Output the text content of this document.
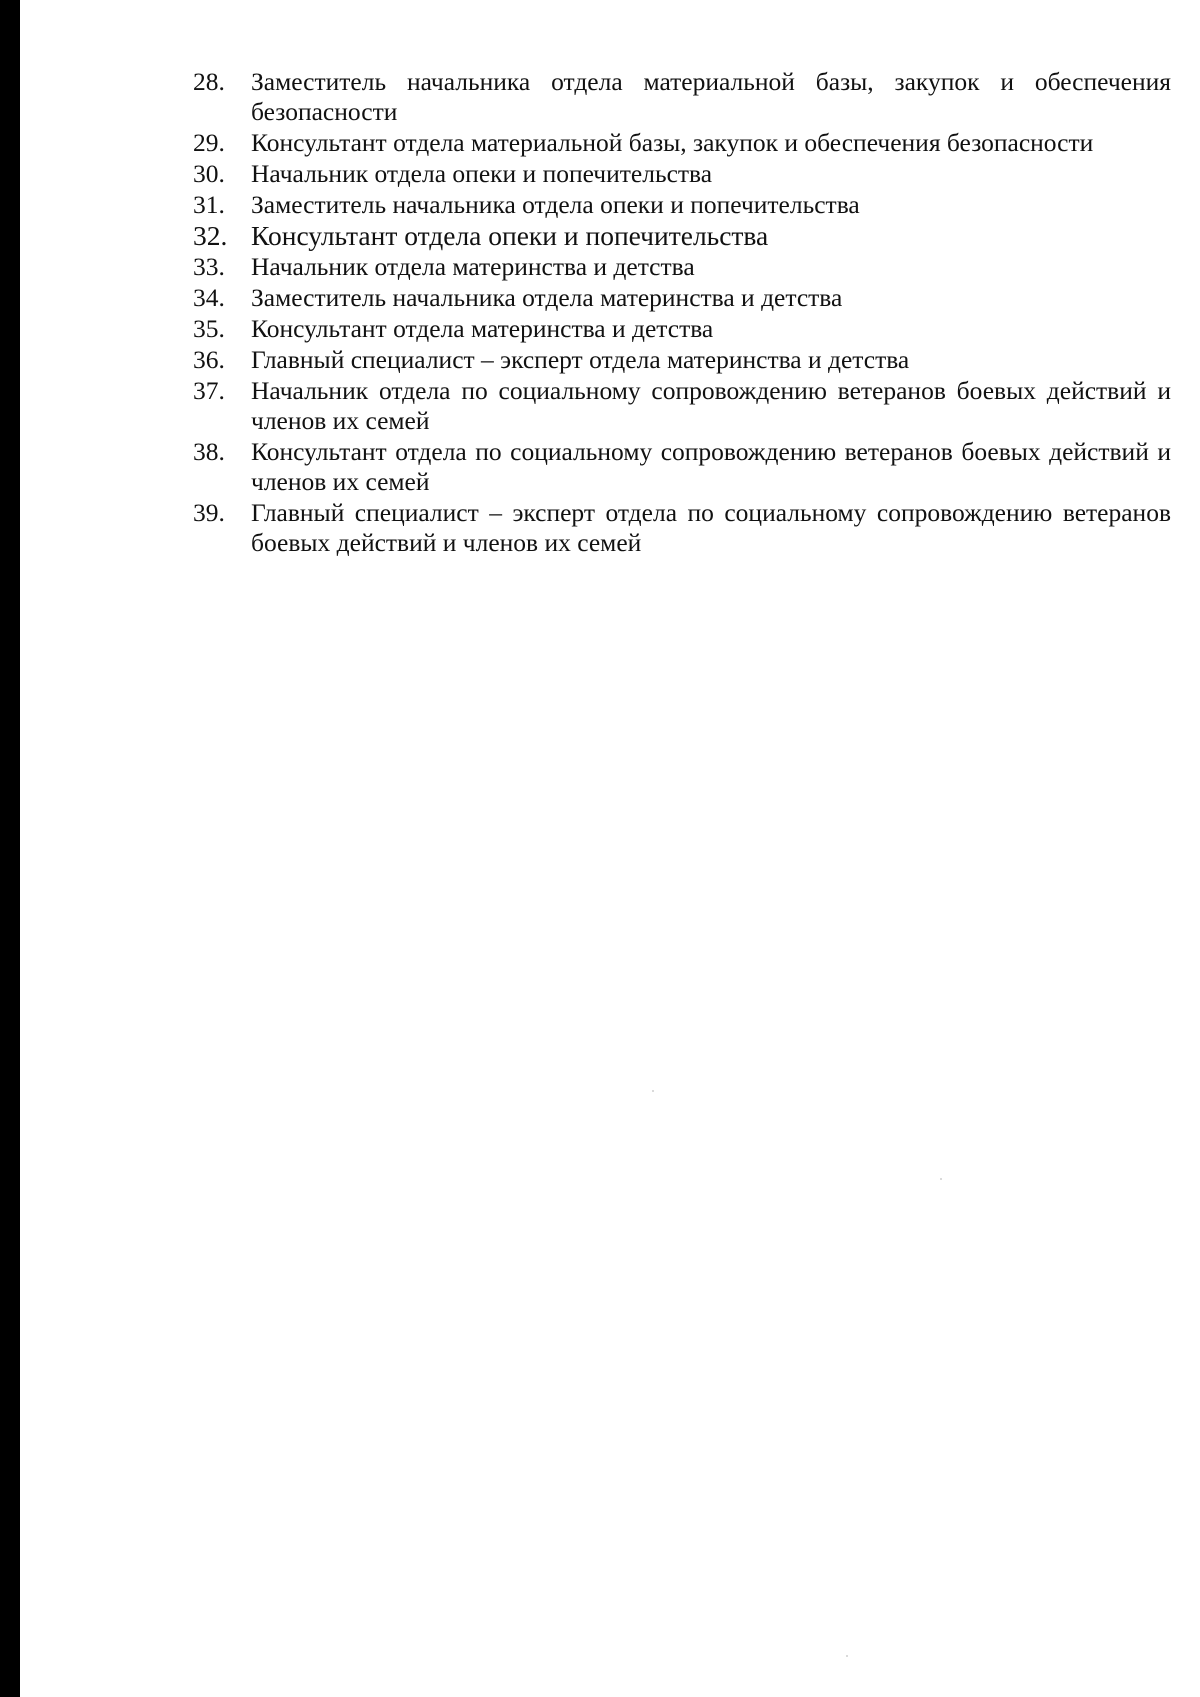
28.	Заместитель начальника отдела материальной базы, закупок и обеспечения безопасности
29.	Консультант отдела материальной базы, закупок и обеспечения безопасности
30.	Начальник отдела опеки и попечительства
31.	Заместитель начальника отдела опеки и попечительства
32. Консультант отдела опеки и попечительства
33.	Начальник отдела материнства и детства
34.	Заместитель начальника отдела материнства и детства
35.	Консультант отдела материнства и детства
36.	Главный специалист – эксперт отдела материнства и детства
37.	Начальник отдела по социальному сопровождению ветеранов боевых действий и членов их семей
38.	Консультант отдела по социальному сопровождению ветеранов боевых действий и членов их семей
39.	Главный специалист – эксперт отдела по социальному сопровождению ветеранов боевых действий и членов их семей
